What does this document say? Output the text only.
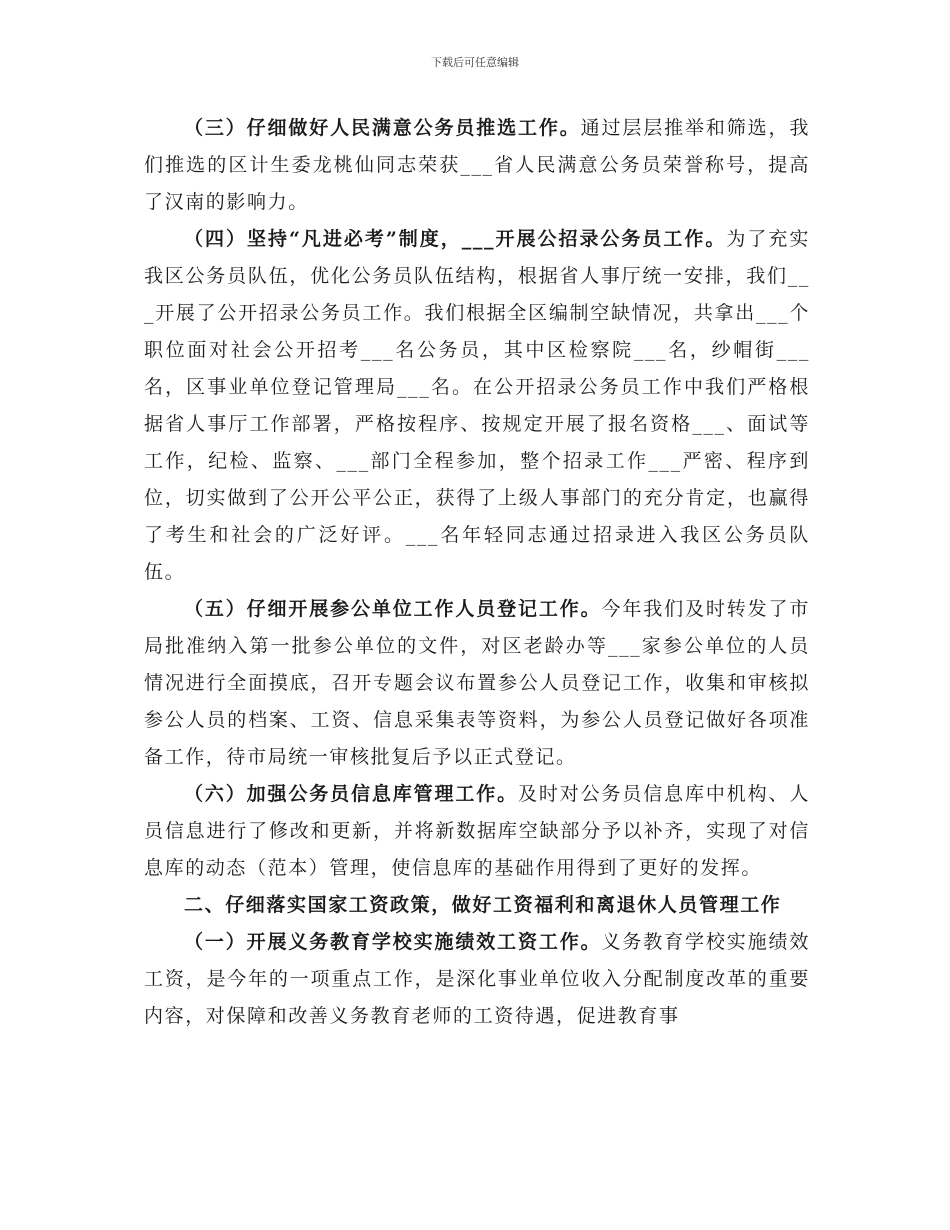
下载后可任意编辑

（三）仔细做好人民满意公务员推选工作。通过层层推举和筛选，我们推选的区计生委龙桃仙同志荣获___省人民满意公务员荣誉称号，提高了汉南的影响力。

（四）坚持“凡进必考”制度，___开展公招录公务员工作。为了充实我区公务员队伍，优化公务员队伍结构，根据省人事厅统一安排，我们___开展了公开招录公务员工作。我们根据全区编制空缺情况，共拿出___个职位面对社会公开招考___名公务员，其中区检察院___名，纱帽街___名，区事业单位登记管理局___名。在公开招录公务员工作中我们严格根据省人事厅工作部署，严格按程序、按规定开展了报名资格___、面试等工作，纪检、监察、___部门全程参加，整个招录工作___严密、程序到位，切实做到了公开公平公正，获得了上级人事部门的充分肯定，也赢得了考生和社会的广泛好评。___名年轻同志通过招录进入我区公务员队伍。

（五）仔细开展参公单位工作人员登记工作。今年我们及时转发了市局批准纳入第一批参公单位的文件，对区老龄办等___家参公单位的人员情况进行全面摸底，召开专题会议布置参公人员登记工作，收集和审核拟参公人员的档案、工资、信息采集表等资料，为参公人员登记做好各项准备工作，待市局统一审核批复后予以正式登记。

（六）加强公务员信息库管理工作。及时对公务员信息库中机构、人员信息进行了修改和更新，并将新数据库空缺部分予以补齐，实现了对信息库的动态（范本）管理，使信息库的基础作用得到了更好的发挥。

二、仔细落实国家工资政策，做好工资福利和离退休人员管理工作

（一）开展义务教育学校实施绩效工资工作。义务教育学校实施绩效工资，是今年的一项重点工作，是深化事业单位收入分配制度改革的重要内容，对保障和改善义务教育老师的工资待遇，促进教育事
